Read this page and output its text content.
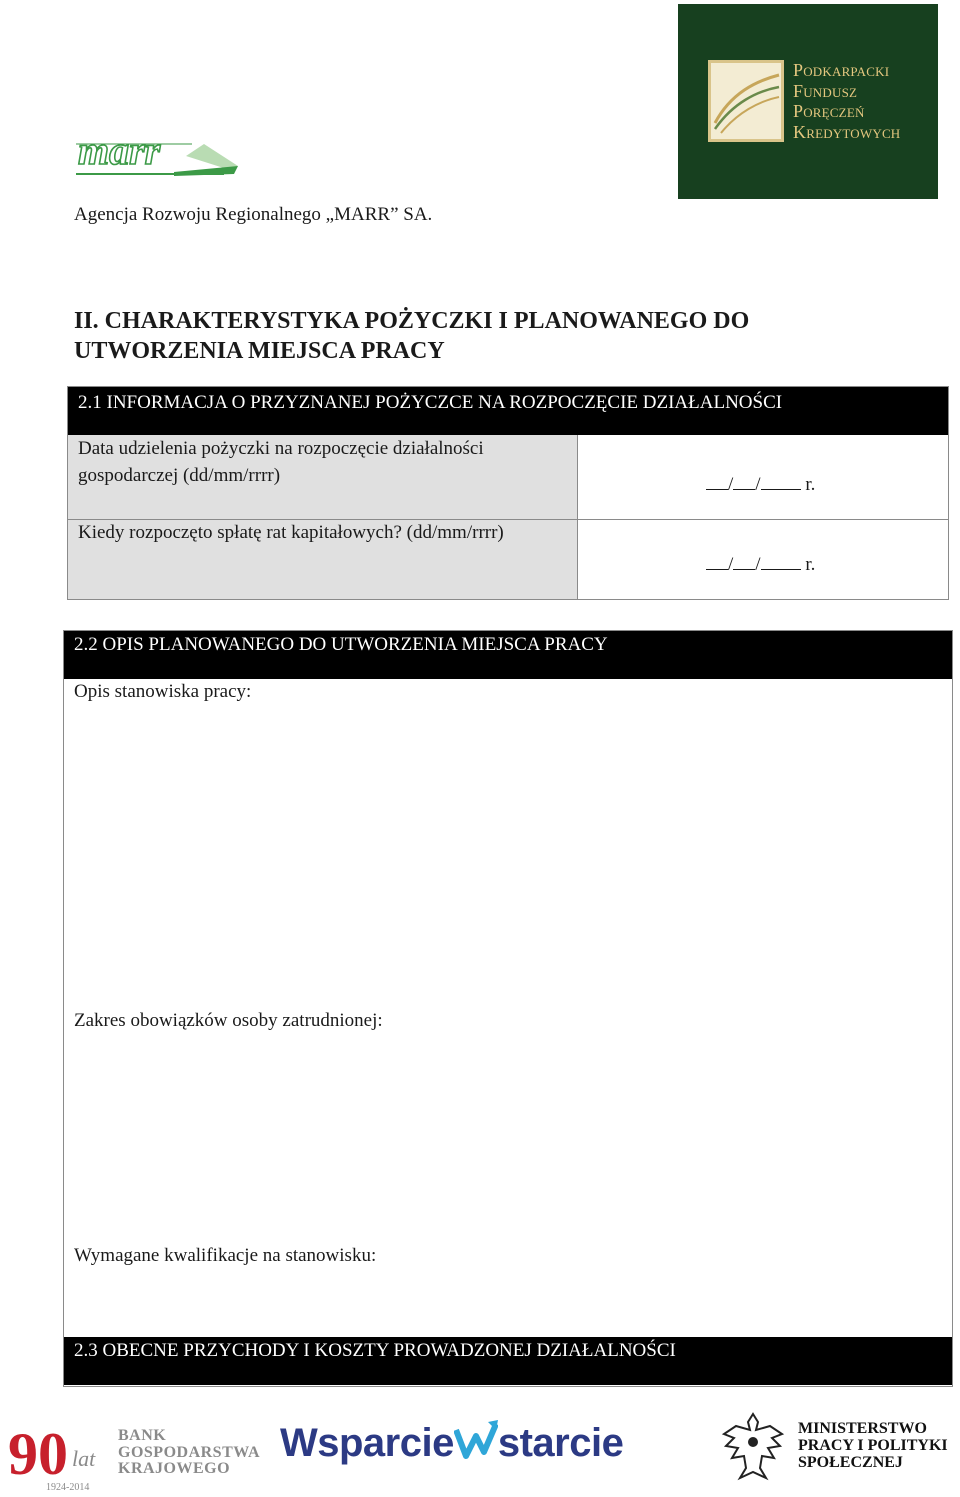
marr
Podkarpacki
Fundusz
Poręczeń
Kredytowych
Agencja Rozwoju Regionalnego „MARR” SA.
II. CHARAKTERYSTYKA POŻYCZKI I PLANOWANEGO DO
UTWORZENIA MIEJSCA PRACY
2.1 INFORMACJA O PRZYZNANEJ POŻYCZCE NA ROZPOCZĘCIE DZIAŁALNOŚCI
Data udzielenia pożyczki na rozpoczęcie działalności gospodarczej (dd/mm/rrrr)
Kiedy rozpoczęto spłatę rat kapitałowych? (dd/mm/rrrr)
/ / r.
/ / r.
2.2 OPIS PLANOWANEGO DO UTWORZENIA MIEJSCA PRACY
Opis stanowiska pracy:
Zakres obowiązków osoby zatrudnionej:
Wymagane kwalifikacje na stanowisku:
2.3 OBECNE PRZYCHODY I KOSZTY PROWADZONEJ DZIAŁALNOŚCI
90 lat
1924-2014
BANK
GOSPODARSTWA
KRAJOWEGO
Wsparcie starcie	MINISTERSTWO
PRACY I POLITYKI
SPOŁECZNEJ
